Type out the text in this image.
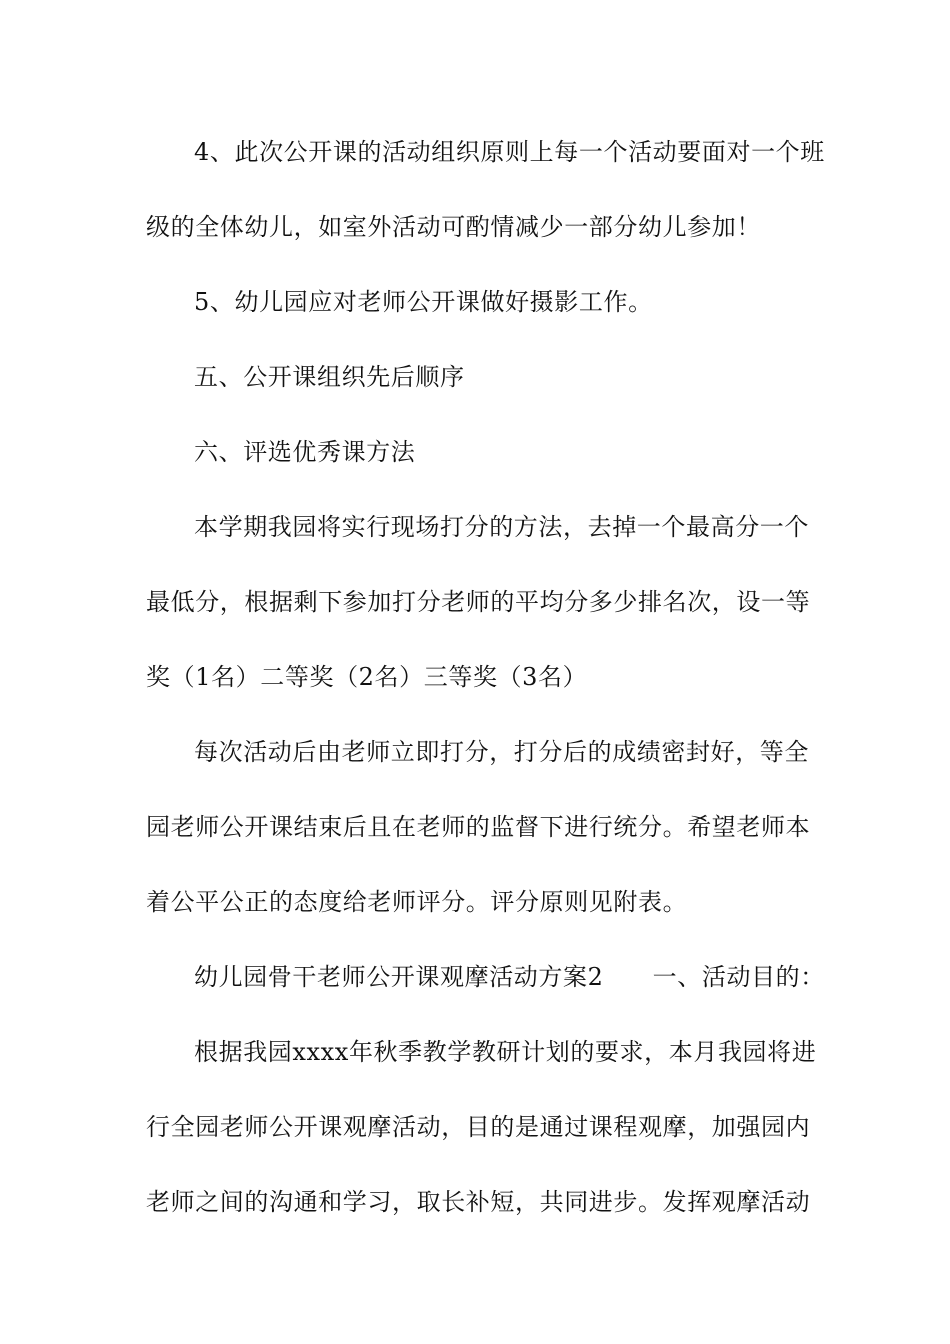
4、此次公开课的活动组织原则上每一个活动要面对一个班
级的全体幼儿，如室外活动可酌情减少一部分幼儿参加！
5、幼儿园应对老师公开课做好摄影工作。
五、公开课组织先后顺序
六、评选优秀课方法
本学期我园将实行现场打分的方法，去掉一个最高分一个
最低分，根据剩下参加打分老师的平均分多少排名次，设一等
奖（1名）二等奖（2名）三等奖（3名）
每次活动后由老师立即打分，打分后的成绩密封好，等全
园老师公开课结束后且在老师的监督下进行统分。希望老师本
着公平公正的态度给老师评分。评分原则见附表。
幼儿园骨干老师公开课观摩活动方案2　　一、活动目的：
根据我园xxxx年秋季教学教研计划的要求，本月我园将进
行全园老师公开课观摩活动，目的是通过课程观摩，加强园内
老师之间的沟通和学习，取长补短，共同进步。发挥观摩活动
